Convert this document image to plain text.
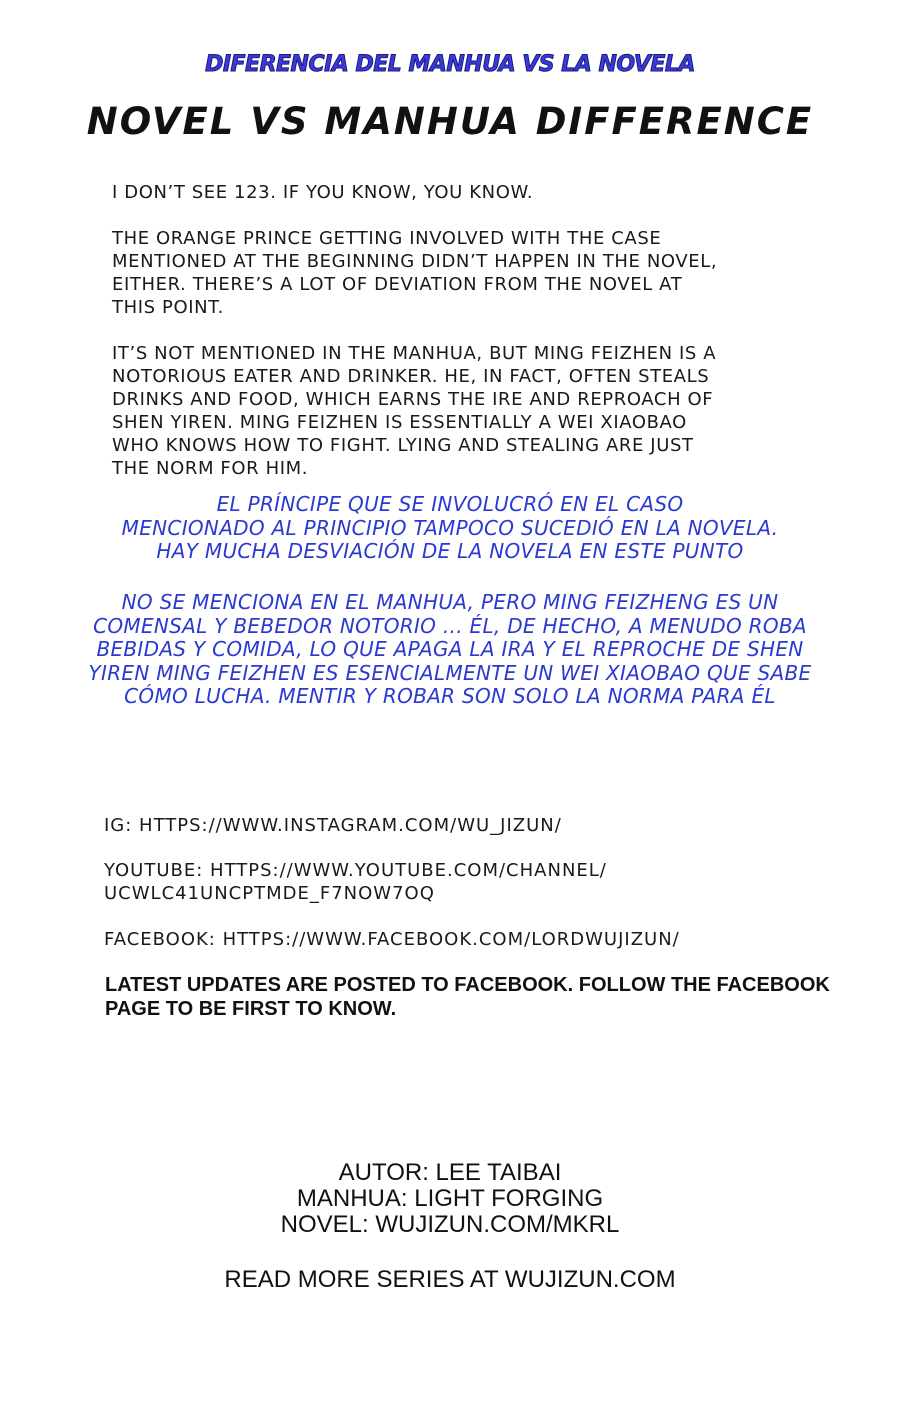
DIFERENCIA DEL MANHUA VS LA NOVELA
NOVEL VS MANHUA DIFFERENCE
I DON’T SEE 123. IF YOU KNOW, YOU KNOW.
THE ORANGE PRINCE GETTING INVOLVED WITH THE CASE
MENTIONED AT THE BEGINNING DIDN’T HAPPEN IN THE NOVEL,
EITHER. THERE’S A LOT OF DEVIATION FROM THE NOVEL AT
THIS POINT.
IT’S NOT MENTIONED IN THE MANHUA, BUT MING FEIZHEN IS A
NOTORIOUS EATER AND DRINKER. HE, IN FACT, OFTEN STEALS
DRINKS AND FOOD, WHICH EARNS THE IRE AND REPROACH OF
SHEN YIREN. MING FEIZHEN IS ESSENTIALLY A WEI XIAOBAO
WHO KNOWS HOW TO FIGHT. LYING AND STEALING ARE JUST
THE NORM FOR HIM.
EL PRÍNCIPE QUE SE INVOLUCRÓ EN EL CASO
MENCIONADO AL PRINCIPIO TAMPOCO SUCEDIÓ EN LA NOVELA.
HAY MUCHA DESVIACIÓN DE LA NOVELA EN ESTE PUNTO
NO SE MENCIONA EN EL MANHUA, PERO MING FEIZHENG ES UN
COMENSAL Y BEBEDOR NOTORIO ... ÉL, DE HECHO, A MENUDO ROBA
BEBIDAS Y COMIDA, LO QUE APAGA LA IRA Y EL REPROCHE DE SHEN
YIREN MING FEIZHEN ES ESENCIALMENTE UN WEI XIAOBAO QUE SABE
CÓMO LUCHA. MENTIR Y ROBAR SON SOLO LA NORMA PARA ÉL
IG: HTTPS://WWW.INSTAGRAM.COM/WU_JIZUN/
YOUTUBE: HTTPS://WWW.YOUTUBE.COM/CHANNEL/
UCWLC41UNCPTMDE_F7NOW7OQ
FACEBOOK: HTTPS://WWW.FACEBOOK.COM/LORDWUJIZUN/
LATEST UPDATES ARE POSTED TO FACEBOOK. FOLLOW THE FACEBOOK
PAGE TO BE FIRST TO KNOW.
AUTOR: LEE TAIBAI
MANHUA: LIGHT FORGING
NOVEL: WUJIZUN.COM/MKRL
READ MORE SERIES AT WUJIZUN.COM
